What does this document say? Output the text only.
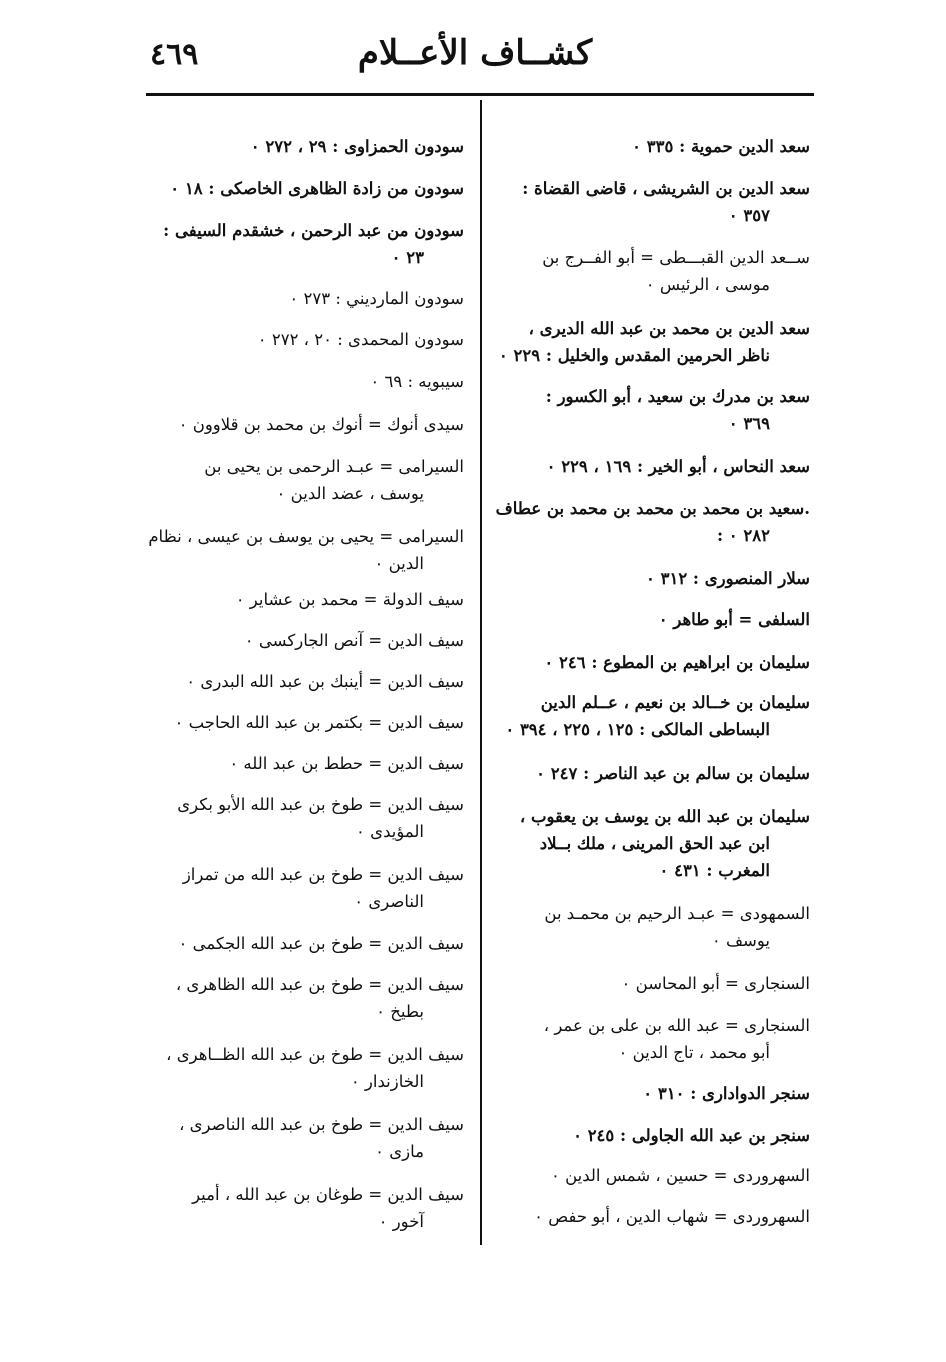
كشــاف الأعــلام
٤٦٩
سعد الدين حموية : ٣٣٥ ٠
سعد الدين بن الشريشى ، قاضى القضاة :
٣٥٧ ٠
ســعد الدين القبـــطى = أبو الفــرج بن
موسى ، الرئيس ٠
سعد الدين بن محمد بن عبد الله الديرى ،
ناظر الحرمين المقدس والخليل : ٢٢٩ ٠
سعد بن مدرك بن سعيد ، أبو الكسور :
٣٦٩ ٠
سعد النحاس ، أبو الخير : ١٦٩ ، ٢٢٩ ٠
.سعيد بن محمد بن محمد بن محمد بن عطاف
٢٨٢ ٠ :
سلار المنصورى : ٣١٢ ٠
السلفى = أبو طاهر ٠
سليمان بن ابراهيم بن المطوع : ٢٤٦ ٠
سليمان بن خــالد بن نعيم ، عــلم الدين
البساطى المالكى : ١٢٥ ، ٢٢٥ ، ٣٩٤ ٠
سليمان بن سالم بن عبد الناصر : ٢٤٧ ٠
سليمان بن عبد الله بن يوسف بن يعقوب ،
ابن عبد الحق المرينى ، ملك بــلاد
المغرب : ٤٣١ ٠
السمهودى = عبـد الرحيم بن محمـد بن
يوسف ٠
السنجارى = أبو المحاسن ٠
السنجارى = عبد الله بن على بن عمر ،
أبو محمد ، تاج الدين ٠
سنجر الدوادارى : ٣١٠ ٠
سنجر بن عبد الله الجاولى : ٢٤٥ ٠
السهروردى = حسين ، شمس الدين ٠
السهروردى = شهاب الدين ، أبو حفص ٠
سودون الحمزاوى : ٢٩ ، ٢٧٢ ٠
سودون من زادة الظاهرى الخاصكى : ١٨ ٠
سودون من عبد الرحمن ، خشقدم السيفى :
٢٣ ٠
سودون المارديني : ٢٧٣ ٠
سودون المحمدى : ٢٠ ، ٢٧٢ ٠
سيبويه : ٦٩ ٠
سيدى أنوك = أنوك بن محمد بن قلاوون ٠
السيرامى = عبـد الرحمى بن يحيى بن
يوسف ، عضد الدين ٠
السيرامى = يحيى بن يوسف بن عيسى ، نظام
الدين ٠
سيف الدولة = محمد بن عشاير ٠
سيف الدين = آنص الجاركسى ٠
سيف الدين = أينبك بن عبد الله البدرى ٠
سيف الدين = بكتمر بن عبد الله الحاجب ٠
سيف الدين = حطط بن عبد الله ٠
سيف الدين = طوخ بن عبد الله الأبو بكرى
المؤيدى ٠
سيف الدين = طوخ بن عبد الله من تمراز
الناصرى ٠
سيف الدين = طوخ بن عبد الله الجكمى ٠
سيف الدين = طوخ بن عبد الله الظاهرى ،
بطيخ ٠
سيف الدين = طوخ بن عبد الله الظــاهرى ،
الخازندار ٠
سيف الدين = طوخ بن عبد الله الناصرى ،
مازى ٠
سيف الدين = طوغان بن عبد الله ، أمير
آخور ٠
